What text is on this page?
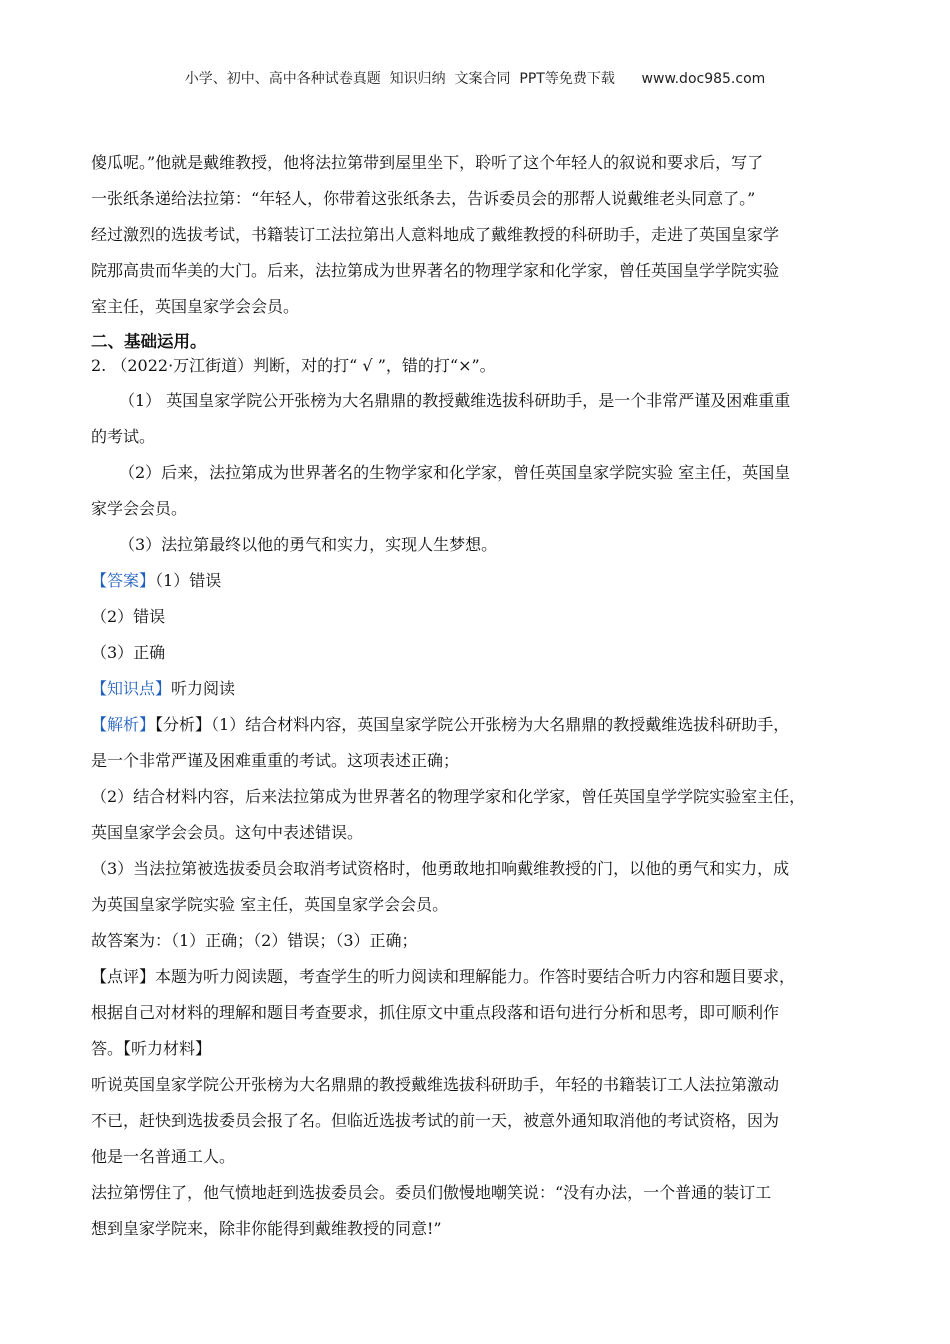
小学、初中、高中各种试卷真题  知识归纳  文案合同  PPT等免费下载      www.doc985.com

傻瓜呢。”他就是戴维教授，他将法拉第带到屋里坐下，聆听了这个年轻人的叙说和要求后，写了

一张纸条递给法拉第：“年轻人，你带着这张纸条去，告诉委员会的那帮人说戴维老头同意了。”

经过激烈的选拔考试，书籍装订工法拉第出人意料地成了戴维教授的科研助手，走进了英国皇家学

院那高贵而华美的大门。后来，法拉第成为世界著名的物理学家和化学家，曾任英国皇学学院实验

室主任，英国皇家学会会员。

二、基础运用。

2. （2022·万江街道）判断，对的打“ √ ”，错的打“×”。

（1） 英国皇家学院公开张榜为大名鼎鼎的教授戴维选拔科研助手，是一个非常严谨及困难重重

的考试。

（2）后来，法拉第成为世界著名的生物学家和化学家，曾任英国皇家学院实验 室主任，英国皇

家学会会员。

（3）法拉第最终以他的勇气和实力，实现人生梦想。

【答案】（1）错误

（2）错误

（3）正确

【知识点】听力阅读

【解析】【分析】（1）结合材料内容，英国皇家学院公开张榜为大名鼎鼎的教授戴维选拔科研助手，

是一个非常严谨及困难重重的考试。这项表述正确；

（2）结合材料内容，后来法拉第成为世界著名的物理学家和化学家，曾任英国皇学学院实验室主任，

英国皇家学会会员。这句中表述错误。

（3）当法拉第被选拔委员会取消考试资格时，他勇敢地扣响戴维教授的门，以他的勇气和实力，成

为英国皇家学院实验 室主任，英国皇家学会会员。

故答案为：（1）正确；（2）错误；（3）正确；

【点评】本题为听力阅读题，考查学生的听力阅读和理解能力。作答时要结合听力内容和题目要求，

根据自己对材料的理解和题目考查要求，抓住原文中重点段落和语句进行分析和思考，即可顺利作

答。【听力材料】

听说英国皇家学院公开张榜为大名鼎鼎的教授戴维选拔科研助手，年轻的书籍装订工人法拉第激动

不已，赶快到选拔委员会报了名。但临近选拔考试的前一天，被意外通知取消他的考试资格，因为

他是一名普通工人。

法拉第愣住了，他气愤地赶到选拔委员会。委员们傲慢地嘲笑说：“没有办法，一个普通的装订工

想到皇家学院来，除非你能得到戴维教授的同意!”
